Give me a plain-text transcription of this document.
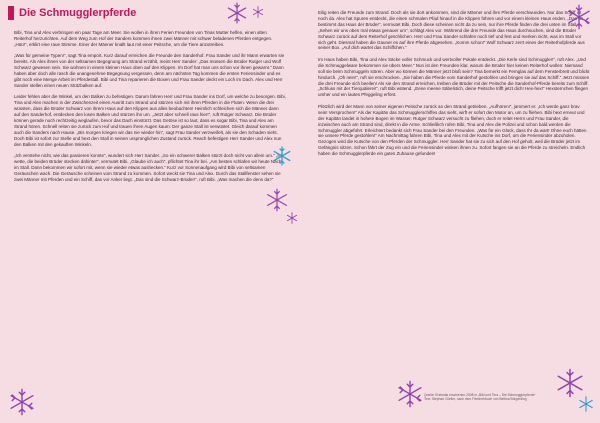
Die Schmugglerpferde

Bibi, Tina und Alex verbringen ein paar Tage am Meer. Sie wollen in ihren Ferien Freunden von Tinas Mutter helfen, einen alten Reiterhof herzurichten. Auf dem Weg zum Hof der Sanders kommen ihnen zwei Männer mit schwer beladenen Pferden entgegen. „Hüü!“, erklirt eine raue Stimme. Einer der Männer knallt laut mit einer Peitsche, um die Tiere anzutreiben.

„Was für gemeine Typen!“, sagt Tina empört. Kurz darauf erreichen die Freunde den Sanderhof. Frau Sander und ihr Mann erwarten sie bereits. Als Alex ihnen von der seltsamen Begegnung am Strand erzählt, meint Herr Sander: „Das müssen die Brüder Rutger und Wolf Schwarz gewesen sein. Sie wohnen in einem kleinen Haus oben auf den Klippen. Im Dorf hat man uns schon vor ihnen gewarnt.“ Dann haben aber doch alle rasch die unangenehme Begegnung vergessen, denn am nächsten Tag kommen die ersten Feriensinder und es gibt noch eine Menge Arbeit im Pferdestall. Bibi und Tina reparieren die Boxen und Frau Sander deckt ein Loch im Dach. Alex und Herr Sander stellen einen neuen Stützbalken auf.

Leider fehlen aber die Winkel, um den Balken zu befestigen. Darum fahren Herr und Frau Sander ins Dorf, um welche zu besorgen. Bibi, Tina und Alex machen in der Zwischenzeit einen Ausritt zum Strand und stürzen sich mit ihren Pferden in die Fluten. Wenn die drei wüssten, dass die Brüder Schwarz von ihrem Haus auf den Klippen aus alles beobachten! Heimlich schleichen sich die Männer dann auf den Sanderhof, entdecken den losen Balken und stürzen ihn um. „Jetzt aber schnell raus hier!“, ruft Rutger Schwarz. Die Brüder können gerade noch rechtzeitig weglaufen, bevor das Dach einstürzt. Das Getöse ist so laut, dass es sogar Bibi, Tina und Alex am Strand hören. Schnell reiten sie zurück zum Hof und trauen ihren Augen kaum: Der ganze Stall ist verwüstet. Gleich darauf kommen auch die Sanders nach Hause. „Bis morgen kriegen wir das nie wieder hin“, sagt Frau Sander verzweifelt, als sie den Schaden sieht. Doch Bibi ist sofort zur Stelle und hext den Stall in seinen ursprünglichen Zustand zurück. Reach befestigen Herr Sander und Alex nun den Balken mit den gekauften Winkeln.

„Ich verstehe nicht, wie das passieren konnte“, wundert sich Herr Sander. „So ein schwerer Balken stürzt doch nicht von allein um.“ „Ich wette, die beiden Brüder stecken dahinter“, vermutet Bibi. „Glaube ich auch“, pflichtet Tina ihr bei. „Am besten schlafen wir heute Nacht im Stall. Dann bekommen wir sofort mit, wenn sie wieder etwas aushecken.“ Kurz vor Sonnenaufgang wird Bibi von seltsamen Geräuschen wach. Die Geräusche scheinen vom Strand zu kommen. Sofort weckt sie Tina und Alex. Durch das Stallfenster sehen sie zwei Männer mit Pferden und ein Schiff, das vor Anker liegt. „Das sind die Schwarz-Brüder!“, ruft Bibi. „Was machen die denn da?“

Eilig reiten die Freunde zum Strand. Doch als sie dort ankommen, sind die Männer und ihre Pferde verschwunden. Nur das Schiff ist noch da. Alex hat Spuren entdeckt, die einen schmalen Pfad hinauf in die Klippen führen und vor einem kleinen Haus enden. „Das ist bestimmt das Haus der Brüder“, vermutet Bibi. Doch diese scheinen nicht da zu sein, nur ihre Pferde finden die drei unten im Stall. „Sehen wir uns oben mal etwas genauer um“, schlägt Alex vor. Während die drei Freunde das Haus durchsuchen, sind die Brüder Schwarz zurück auf dem Reiterhof geschlichen. Herr und Frau Sander schlafen noch tief und fest und merken nicht, was im Stall vor sich geht. Diesmal haben die Gauner es auf ihre Pferde abgesehen. „Komm schon!“ Wolf Schwarz zerrt eines der Reiterhofpferde aus seiner Box. „Auf dich wartet das Schiffchen.“

Im Haus haben Bibi, Tina und Alex Säcke voller Schmuck und wertvoller Pokale entdeckt. „Die Kerle sind Schmuggler!“, ruft Alex. „Und die Schmuggelware bekommen sie übers Meer.“ Nun ist den Freunden klar, warum die Brüder hier keinen Reiterhof wollen: Niemand soll sie beim Schmuggeln stören. Aber wo können die Männer jetzt bloß sein? Tina bemerkt ein Fernglas auf dem Fensterbrett und blickt hindurch. „Oh nein!“, ruft sie erschrocken. „Sie haben die Pferde vom Sanderhof gestohlen und bringen sie auf das Schiff.“ Jetzt müssen die drei Freunde sich beeilen! Als sie den Strand erreichen, treiben die Brüder mit der Peitsche die Sanderhof-Pferde bereits zum Schiff. „Schluss mit der Tierquälerei!“, ruft Bibi wütend. „Eene meene Säbelstich, deine Peitsche trifft jetzt dich! Hex-hex!“ Hexsternchen fliegen umher und ein lautes Pfeggeling erfönt.

Plötzlich wird der Mann von seiner eigenen Peitsche zurück an den Strand getrieben. „Aufhören!“, jammert er. „Ich werde ganz brav sein! Versprochen!“ Als der Kapitän das Schmugglerschiffes das sieht, wirft er sofort den Motor an, um zu fliehen. Bibi hext erneut und der Kapitän landet in hohem Bogen im Wasser. Rutger Schwarz versucht zu fliehen, doch er reitet Herrn und Frau Sander, die inzwischen auch am Strand sind, direkt in die Arme. Schließlich rufen Bibi, Tina und Alex die Polizei und schon bald werden die Schmuggler abgeführt. Erleichtert bedankt sich Frau Sander bei den Freunden. „Was für ein Glück, dass Ihr da wart! Ohne euch hätten sie unsere Pferde gestohlen!“ Am Nachmittag fahren Bibi, Tina und Alex mit der Kutsche ins Dorf, um die Feriensinder abzuholen. Gezogen wird die Kutsche von den Pferden der Schmuggler. Herr Sander hat sie zu sich auf den Hof geholt, weil die Brüder jetzt im Gefängnis sitzen. Schon fährt der Zug ein und die Feriensinder winken ihnen zu. Sofort fangen sie an die Pferde zu streicheln. Endlich haben die Schmugglerpferde ein gutes Zuhause gefunden!

Quelle: Erstmals erschienen 2008 in „Bibi und Tina – Die Schmugglerpferde“
Text: Stephan Gürtler, nach dem Filmdrehbuch von Bettina Börgerding
